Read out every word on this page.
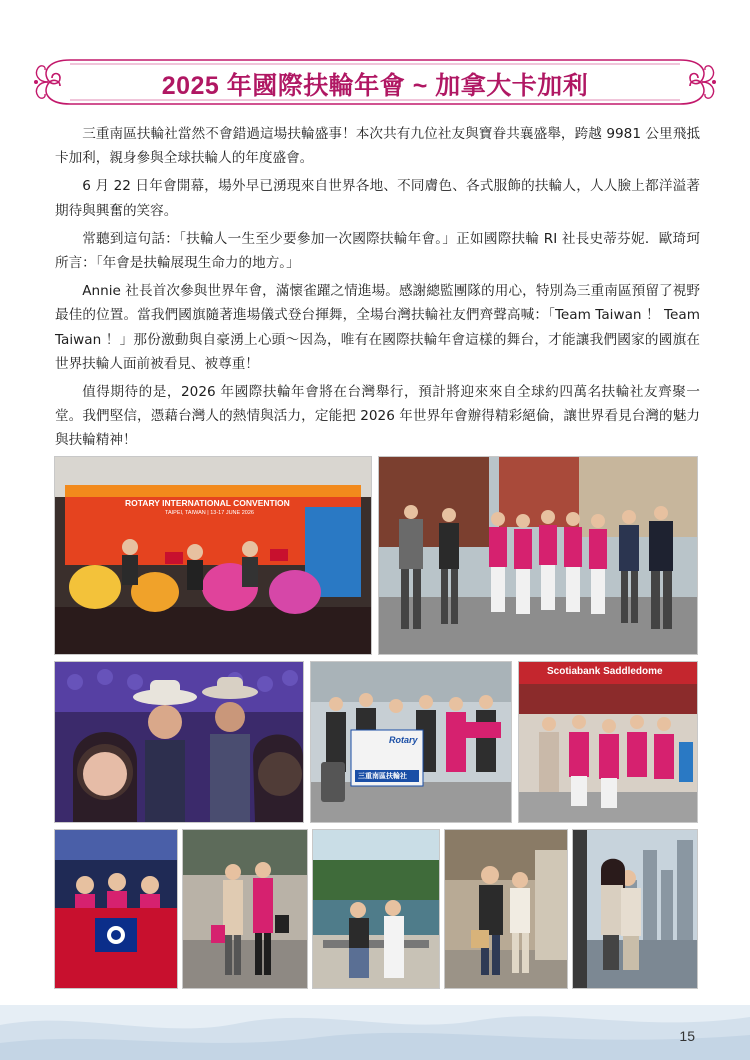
2025 年國際扶輪年會 ~ 加拿大卡加利

三重南區扶輪社當然不會錯過這場扶輪盛事！本次共有九位社友與寶眷共襄盛舉，跨越 9981 公里飛抵卡加利，親身參與全球扶輪人的年度盛會。

6 月 22 日年會開幕，場外早已湧現來自世界各地、不同膚色、各式服飾的扶輪人，人人臉上都洋溢著期待與興奮的笑容。

常聽到這句話：「扶輪人一生至少要參加一次國際扶輪年會。」正如國際扶輪 RI 社長史蒂芬妮．歐琦珂所言：「年會是扶輪展現生命力的地方。」

Annie 社長首次參與世界年會，滿懷雀躍之情進場。感謝總監團隊的用心，特別為三重南區預留了視野最佳的位置。當我們國旗隨著進場儀式登台揮舞，全場台灣扶輪社友們齊聲高喊：「Team Taiwan ！ Team Taiwan ！」那份激動與自豪湧上心頭～因為，唯有在國際扶輪年會這樣的舞台，才能讓我們國家的國旗在世界扶輪人面前被看見、被尊重！

值得期待的是，2026 年國際扶輪年會將在台灣舉行，預計將迎來來自全球約四萬名扶輪社友齊聚一堂。我們堅信，憑藉台灣人的熱情與活力，定能把 2026 年世界年會辦得精彩絕倫，讓世界看見台灣的魅力與扶輪精神！

ROTARY INTERNATIONAL CONVENTION
TAIPEI, TAIWAN | 13-17 JUNE 2026
Rotary
三重南區扶輪社
Scotiabank Saddledome
15
